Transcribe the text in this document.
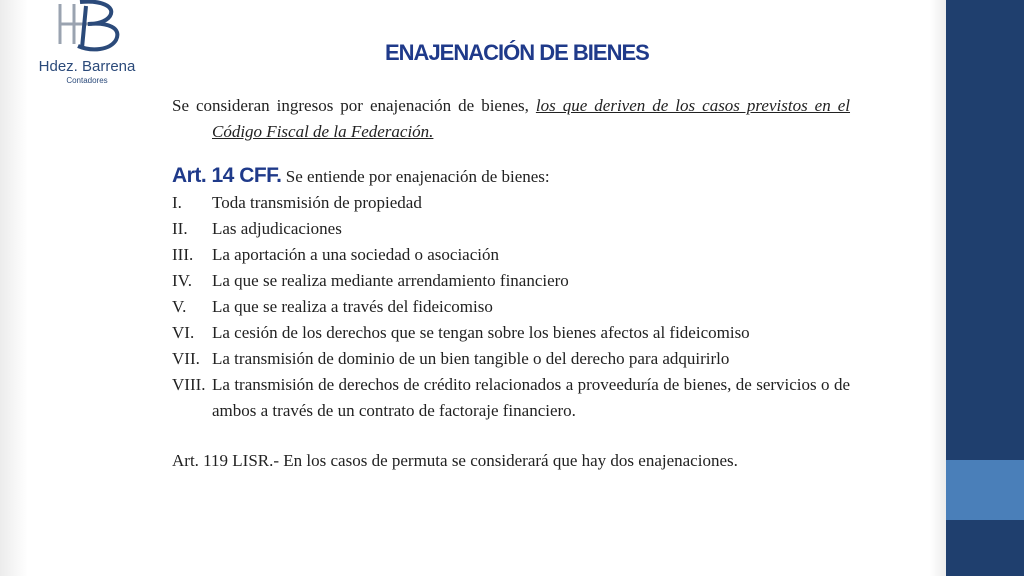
Hdez. Barrena
Contadores
ENAJENACIÓN DE BIENES
Se consideran ingresos por enajenación de bienes, los que deriven de los casos previstos en el Código Fiscal de la Federación.
Art. 14 CFF. Se entiende por enajenación de bienes:
I. Toda transmisión de propiedad
II. Las adjudicaciones
III. La aportación a una sociedad o asociación
IV. La que se realiza mediante arrendamiento financiero
V. La que se realiza a través del fideicomiso
VI. La cesión de los derechos que se tengan sobre los bienes afectos al fideicomiso
VII. La transmisión de dominio de un bien tangible o del derecho para adquirirlo
VIII. La transmisión de derechos de crédito relacionados a proveeduría de bienes, de servicios o de ambos a través de un contrato de factoraje financiero.
Art. 119 LISR.- En los casos de permuta se considerará que hay dos enajenaciones.
